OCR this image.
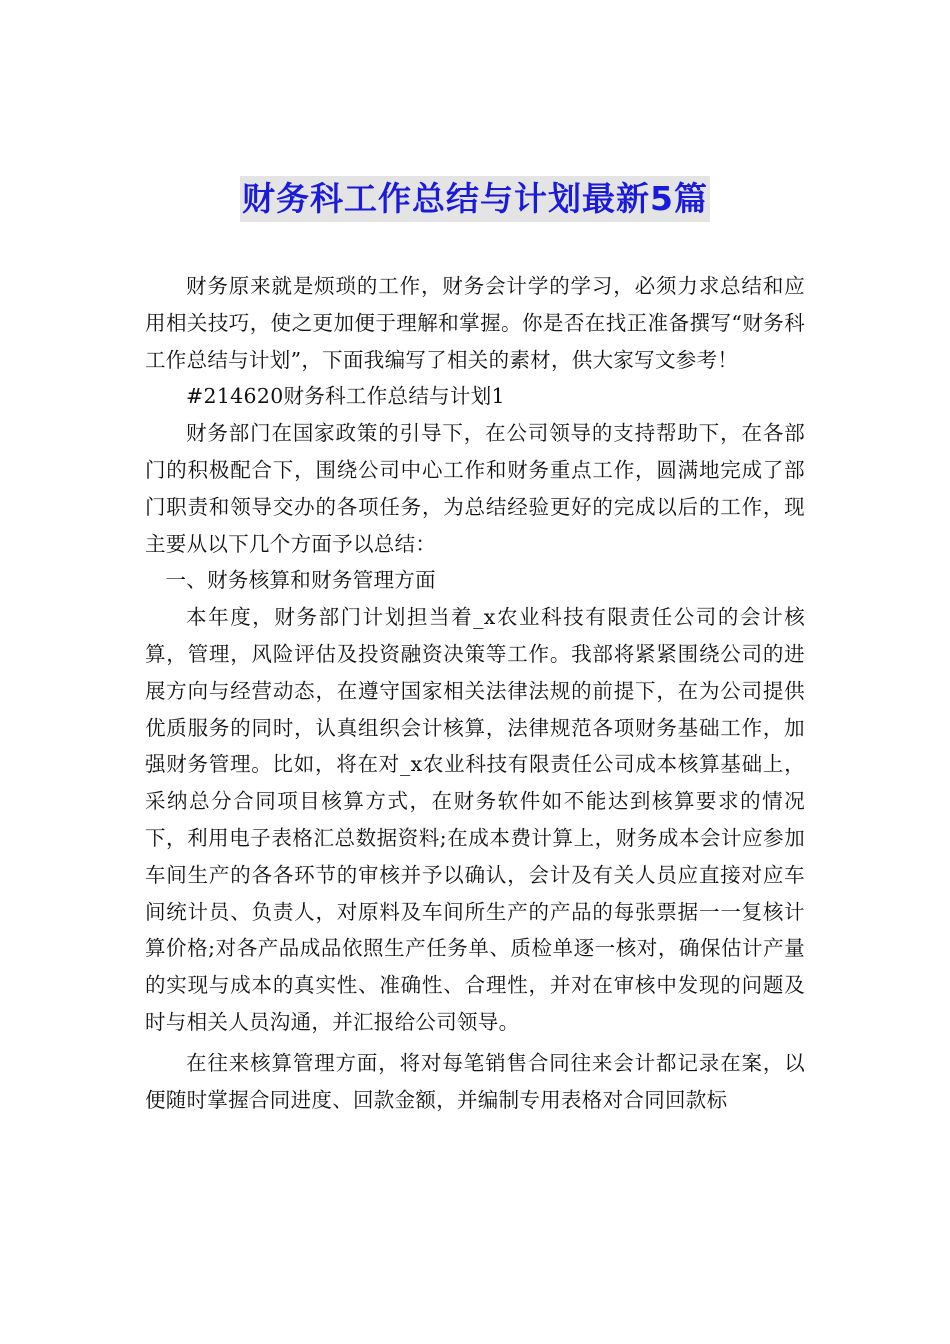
财务科工作总结与计划最新5篇

财务原来就是烦琐的工作，财务会计学的学习，必须力求总结和应用相关技巧，使之更加便于理解和掌握。你是否在找正准备撰写“财务科工作总结与计划”，下面我编写了相关的素材，供大家写文参考！

#214620财务科工作总结与计划1

财务部门在国家政策的引导下，在公司领导的支持帮助下，在各部门的积极配合下，围绕公司中心工作和财务重点工作，圆满地完成了部门职责和领导交办的各项任务，为总结经验更好的完成以后的工作，现主要从以下几个方面予以总结：

一、财务核算和财务管理方面

本年度，财务部门计划担当着_x农业科技有限责任公司的会计核算，管理，风险评估及投资融资决策等工作。我部将紧紧围绕公司的进展方向与经营动态，在遵守国家相关法律法规的前提下，在为公司提供优质服务的同时，认真组织会计核算，法律规范各项财务基础工作，加强财务管理。比如，将在对_x农业科技有限责任公司成本核算基础上，采纳总分合同项目核算方式，在财务软件如不能达到核算要求的情况下，利用电子表格汇总数据资料;在成本费计算上，财务成本会计应参加车间生产的各各环节的审核并予以确认，会计及有关人员应直接对应车间统计员、负责人，对原料及车间所生产的产品的每张票据一一复核计算价格;对各产品成品依照生产任务单、质检单逐一核对，确保估计产量的实现与成本的真实性、准确性、合理性，并对在审核中发现的问题及时与相关人员沟通，并汇报给公司领导。

在往来核算管理方面，将对每笔销售合同往来会计都记录在案，以便随时掌握合同进度、回款金额，并编制专用表格对合同回款标
